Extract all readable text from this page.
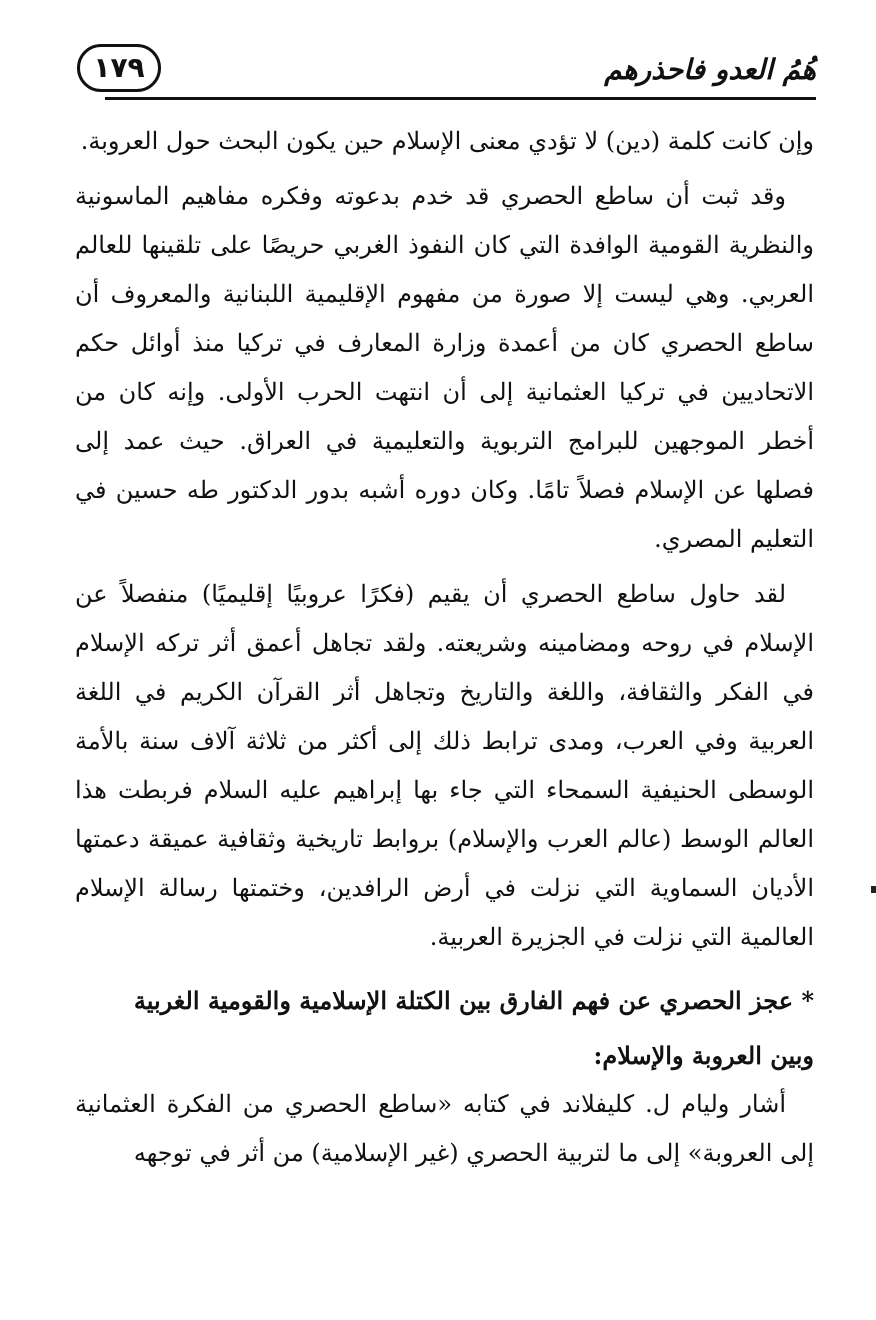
هُمُ العدو فاحذرهم
١٧٩

وإن كانت كلمة (دين) لا تؤدي معنى الإسلام حين يكون البحث حول العروبة.

وقد ثبت أن ساطع الحصري قد خدم بدعوته وفكره مفاهيم الماسونية والنظرية القومية الوافدة التي كان النفوذ الغربي حريصًا على تلقينها للعالم العربي. وهي ليست إلا صورة من مفهوم الإقليمية اللبنانية والمعروف أن ساطع الحصري كان من أعمدة وزارة المعارف في تركيا منذ أوائل حكم الاتحاديين في تركيا العثمانية إلى أن انتهت الحرب الأولى. وإنه كان من أخطر الموجهين للبرامج التربوية والتعليمية في العراق. حيث عمد إلى فصلها عن الإسلام فصلاً تامًا. وكان دوره أشبه بدور الدكتور طه حسين في التعليم المصري.

لقد حاول ساطع الحصري أن يقيم (فكرًا عروبيًا إقليميًا) منفصلاً عن الإسلام في روحه ومضامينه وشريعته. ولقد تجاهل أعمق أثر تركه الإسلام في الفكر والثقافة، واللغة والتاريخ وتجاهل أثر القرآن الكريم في اللغة العربية وفي العرب، ومدى ترابط ذلك إلى أكثر من ثلاثة آلاف سنة بالأمة الوسطى الحنيفية السمحاء التي جاء بها إبراهيم عليه السلام فربطت هذا العالم الوسط (عالم العرب والإسلام) بروابط تاريخية وثقافية عميقة دعمتها الأديان السماوية التي نزلت في أرض الرافدين، وختمتها رسالة الإسلام العالمية التي نزلت في الجزيرة العربية.

* عجز الحصري عن فهم الفارق بين الكتلة الإسلامية والقومية الغربية

وبين العروبة والإسلام:

أشار وليام ل. كليفلاند في كتابه «ساطع الحصري من الفكرة العثمانية إلى العروبة» إلى ما لتربية الحصري (غير الإسلامية) من أثر في توجهه
